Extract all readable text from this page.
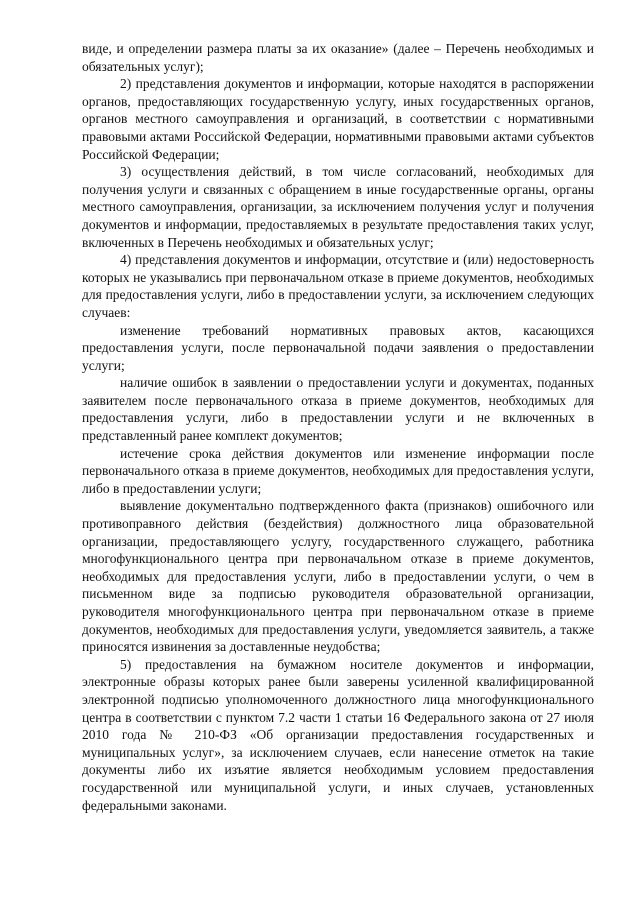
виде, и определении размера платы за их оказание» (далее – Перечень необходимых и обязательных услуг);

2) представления документов и информации, которые находятся в распоряжении органов, предоставляющих государственную услугу, иных государственных органов, органов местного самоуправления и организаций, в соответствии с нормативными правовыми актами Российской Федерации, нормативными правовыми актами субъектов Российской Федерации;

3) осуществления действий, в том числе согласований, необходимых для получения услуги и связанных с обращением в иные государственные органы, органы местного самоуправления, организации, за исключением получения услуг и получения документов и информации, предоставляемых в результате предоставления таких услуг, включенных в Перечень необходимых и обязательных услуг;

4) представления документов и информации, отсутствие и (или) недостоверность которых не указывались при первоначальном отказе в приеме документов, необходимых для предоставления услуги, либо в предоставлении услуги, за исключением следующих случаев:

изменение требований нормативных правовых актов, касающихся предоставления услуги, после первоначальной подачи заявления о предоставлении услуги;

наличие ошибок в заявлении о предоставлении услуги и документах, поданных заявителем после первоначального отказа в приеме документов, необходимых для предоставления услуги, либо в предоставлении услуги и не включенных в представленный ранее комплект документов;

истечение срока действия документов или изменение информации после первоначального отказа в приеме документов, необходимых для предоставления услуги, либо в предоставлении услуги;

выявление документально подтвержденного факта (признаков) ошибочного или противоправного действия (бездействия) должностного лица образовательной организации, предоставляющего услугу, государственного служащего, работника многофункционального центра при первоначальном отказе в приеме документов, необходимых для предоставления услуги, либо в предоставлении услуги, о чем в письменном виде за подписью руководителя образовательной организации, руководителя многофункционального центра при первоначальном отказе в приеме документов, необходимых для предоставления услуги, уведомляется заявитель, а также приносятся извинения за доставленные неудобства;

5) предоставления на бумажном носителе документов и информации, электронные образы которых ранее были заверены усиленной квалифицированной электронной подписью уполномоченного должностного лица многофункционального центра в соответствии с пунктом 7.2 части 1 статьи 16 Федерального закона от 27 июля 2010 года № 210-ФЗ «Об организации предоставления государственных и муниципальных услуг», за исключением случаев, если нанесение отметок на такие документы либо их изъятие является необходимым условием предоставления государственной или муниципальной услуги, и иных случаев, установленных федеральными законами.
